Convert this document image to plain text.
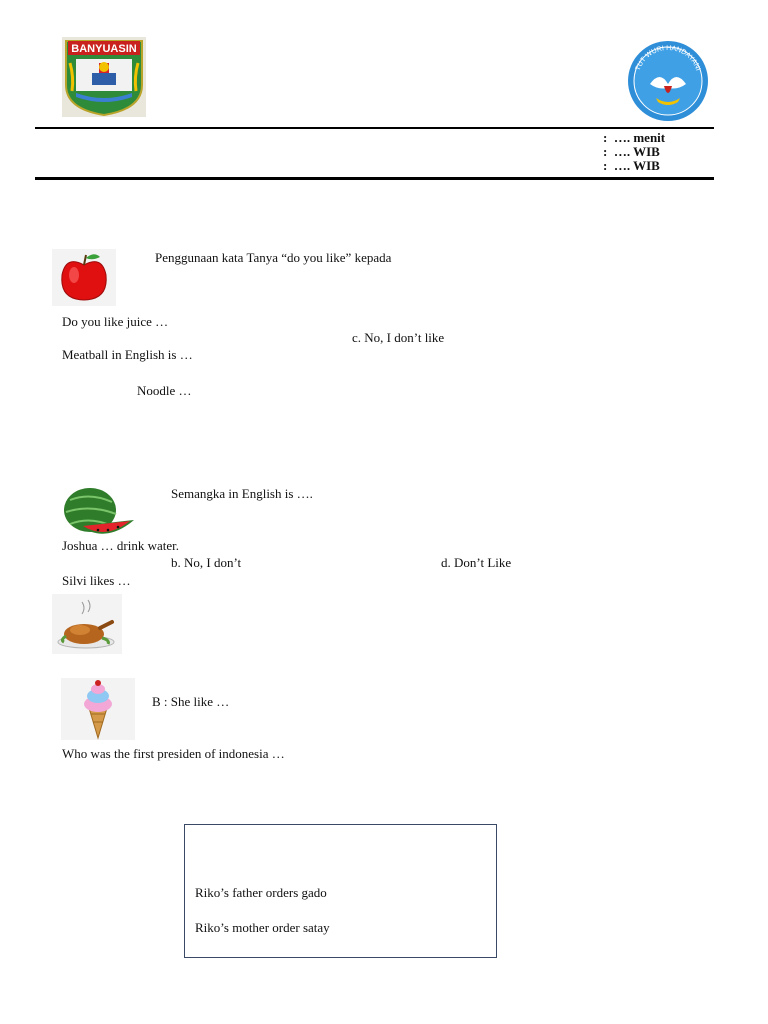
BANYUASIN
TUT WURI HANDAYANI
: …. menit
: …. WIB
: …. WIB
Penggunaan kata Tanya “do you like” kepada
Do you like juice …
c. No, I don’t like
Meatball in English is …
Noodle …
Semangka in English is ….
Joshua … drink water.
b. No, I don’t	d. Don’t Like
Silvi likes …
B : She like …
Who was the first presiden of indonesia …
Riko’s father orders gado
Riko’s mother order satay
